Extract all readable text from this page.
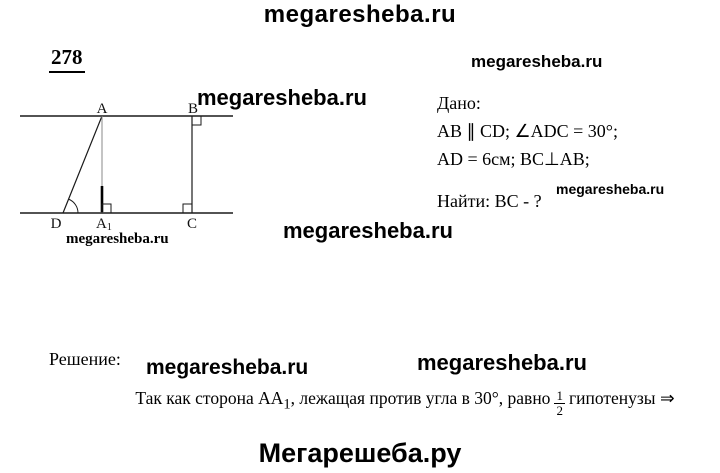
megaresheba.ru
278	megaresheba.ru
megaresheba.ru
A	B
D A1	C
megaresheba.ru
Дано:
AB ∥ CD; ∠ADC = 30°;
AD = 6см; BC⊥AB;
Найти: BC - ?
megaresheba.ru
megaresheba.ru
Решение: megaresheba.ru	megaresheba.ru
Так как сторона $AA_1$, лежащая против угла в 30°, равно $\frac{1}{2}$ гипотенузы ⇒
Мегарешеба.ру
